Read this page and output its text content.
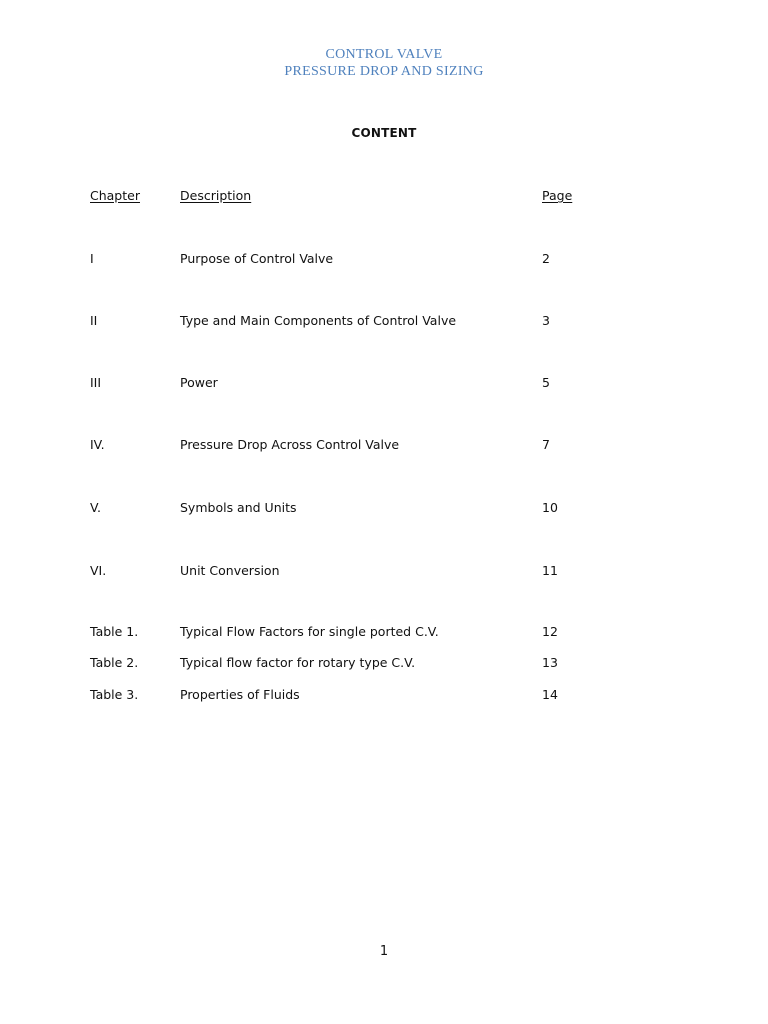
CONTROL VALVE
PRESSURE DROP AND SIZING
CONTENT
Chapter	Description	Page
I	Purpose of Control Valve	2
II	Type and Main Components of Control Valve	3
III	Power	5
IV.	Pressure Drop Across Control Valve	7
V.	Symbols and Units	10
VI.	Unit Conversion	11
Table 1.	Typical Flow Factors for single ported C.V.	12
Table 2.	Typical flow factor for rotary type C.V.	13
Table 3.	Properties of Fluids	14
1
